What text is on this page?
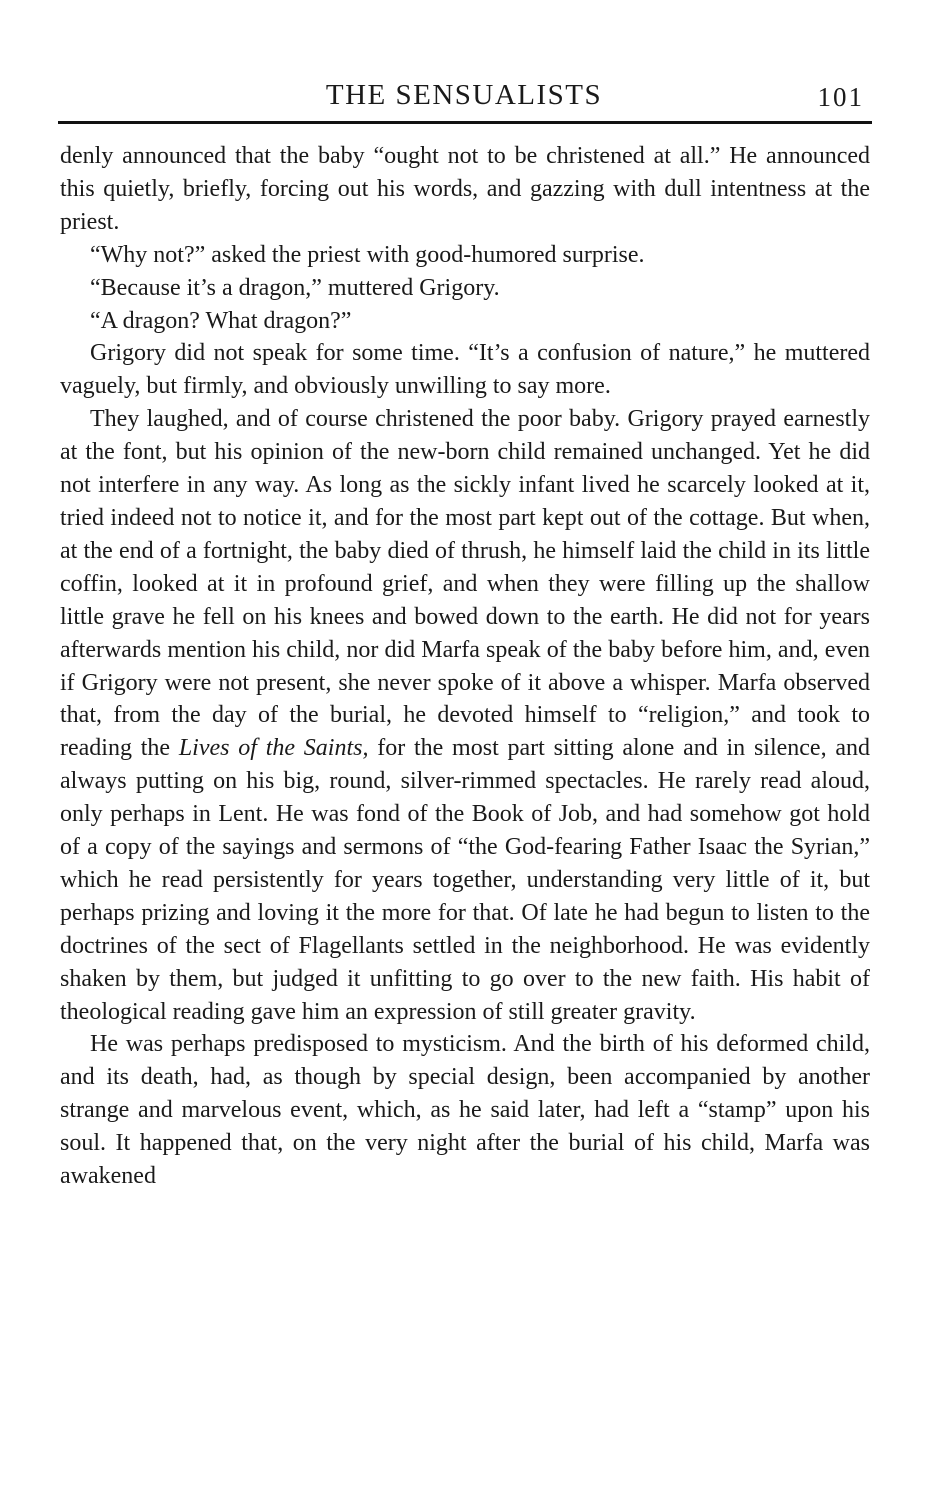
THE SENSUALISTS	101

denly announced that the baby “ought not to be christened at all.” He announced this quietly, briefly, forcing out his words, and gazzing with dull intentness at the priest.

“Why not?” asked the priest with good-humored surprise.

“Because it’s a dragon,” muttered Grigory.

“A dragon? What dragon?”

Grigory did not speak for some time. “It’s a confusion of nature,” he muttered vaguely, but firmly, and obviously unwilling to say more.

They laughed, and of course christened the poor baby. Grigory prayed earnestly at the font, but his opinion of the new-born child remained unchanged. Yet he did not interfere in any way. As long as the sickly infant lived he scarcely looked at it, tried indeed not to notice it, and for the most part kept out of the cottage. But when, at the end of a fortnight, the baby died of thrush, he himself laid the child in its little coffin, looked at it in profound grief, and when they were filling up the shallow little grave he fell on his knees and bowed down to the earth. He did not for years afterwards mention his child, nor did Marfa speak of the baby before him, and, even if Grigory were not present, she never spoke of it above a whisper. Marfa observed that, from the day of the burial, he devoted himself to “religion,” and took to reading the Lives of the Saints, for the most part sitting alone and in silence, and always putting on his big, round, silver-rimmed spectacles. He rarely read aloud, only perhaps in Lent. He was fond of the Book of Job, and had somehow got hold of a copy of the sayings and sermons of “the God-fearing Father Isaac the Syrian,” which he read persistently for years together, understanding very little of it, but perhaps prizing and loving it the more for that. Of late he had begun to listen to the doctrines of the sect of Flagellants settled in the neighborhood. He was evidently shaken by them, but judged it unfitting to go over to the new faith. His habit of theological reading gave him an expression of still greater gravity.

He was perhaps predisposed to mysticism. And the birth of his deformed child, and its death, had, as though by special design, been accompanied by another strange and marvelous event, which, as he said later, had left a “stamp” upon his soul. It happened that, on the very night after the burial of his child, Marfa was awakened
